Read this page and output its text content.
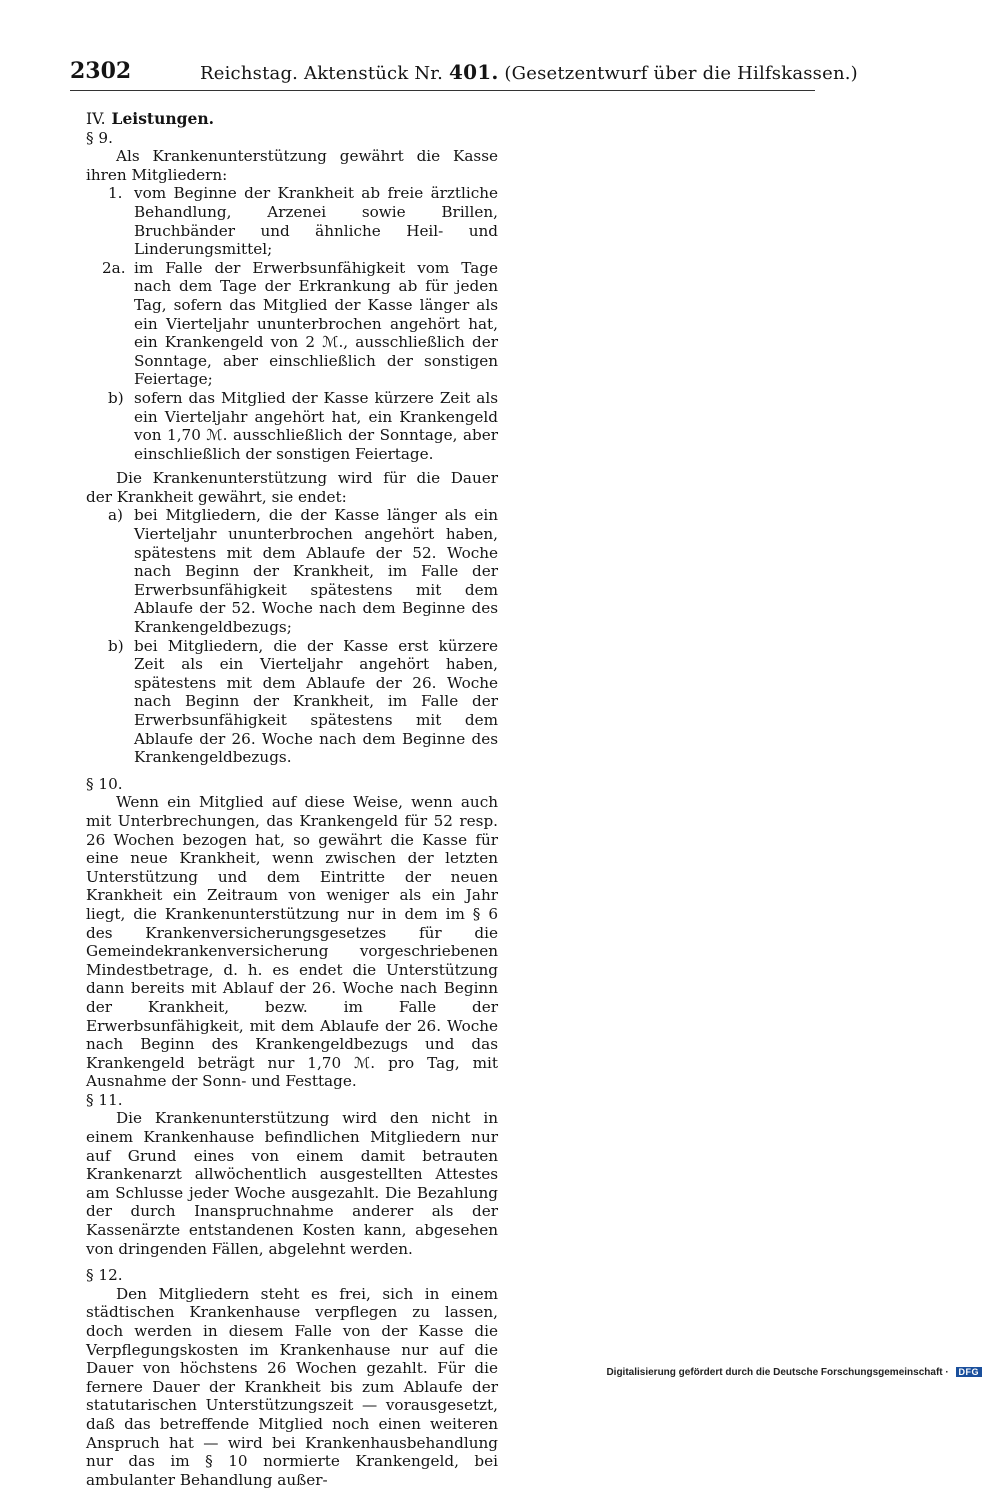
2302	Reichstag. Aktenstück Nr. 401. (Gesetzentwurf über die Hilfskassen.)

IV. Leistungen.

§ 9.

Als Krankenunterstützung gewährt die Kasse ihren Mitgliedern:

1. vom Beginne der Krankheit ab freie ärztliche Behandlung, Arzenei sowie Brillen, Bruchbänder und ähnliche Heil- und Linderungsmittel;
2a. im Falle der Erwerbsunfähigkeit vom Tage nach dem Tage der Erkrankung ab für jeden Tag, sofern das Mitglied der Kasse länger als ein Vierteljahr ununterbrochen angehört hat, ein Krankengeld von 2 ℳ., ausschließlich der Sonntage, aber einschließlich der sonstigen Feiertage;
b) sofern das Mitglied der Kasse kürzere Zeit als ein Vierteljahr angehört hat, ein Krankengeld von 1,70 ℳ. ausschließlich der Sonntage, aber einschließlich der sonstigen Feiertage.

Die Krankenunterstützung wird für die Dauer der Krankheit gewährt, sie endet:

a) bei Mitgliedern, die der Kasse länger als ein Vierteljahr ununterbrochen angehört haben, spätestens mit dem Ablaufe der 52. Woche nach Beginn der Krankheit, im Falle der Erwerbsunfähigkeit spätestens mit dem Ablaufe der 52. Woche nach dem Beginne des Krankengeldbezugs;
b) bei Mitgliedern, die der Kasse erst kürzere Zeit als ein Vierteljahr angehört haben, spätestens mit dem Ablaufe der 26. Woche nach Beginn der Krankheit, im Falle der Erwerbsunfähigkeit spätestens mit dem Ablaufe der 26. Woche nach dem Beginne des Krankengeldbezugs.

§ 10.

Wenn ein Mitglied auf diese Weise, wenn auch mit Unterbrechungen, das Krankengeld für 52 resp. 26 Wochen bezogen hat, so gewährt die Kasse für eine neue Krankheit, wenn zwischen der letzten Unterstützung und dem Eintritte der neuen Krankheit ein Zeitraum von weniger als ein Jahr liegt, die Krankenunterstützung nur in dem im § 6 des Krankenversicherungsgesetzes für die Gemeindekrankenversicherung vorgeschriebenen Mindestbetrage, d. h. es endet die Unterstützung dann bereits mit Ablauf der 26. Woche nach Beginn der Krankheit, bezw. im Falle der Erwerbsunfähigkeit, mit dem Ablaufe der 26. Woche nach Beginn des Krankengeldbezugs und das Krankengeld beträgt nur 1,70 ℳ. pro Tag, mit Ausnahme der Sonn- und Festtage.

§ 11.

Die Krankenunterstützung wird den nicht in einem Krankenhause befindlichen Mitgliedern nur auf Grund eines von einem damit betrauten Krankenarzt allwöchentlich ausgestellten Attestes am Schlusse jeder Woche ausgezahlt. Die Bezahlung der durch Inanspruchnahme anderer als der Kassenärzte entstandenen Kosten kann, abgesehen von dringenden Fällen, abgelehnt werden.

§ 12.

Den Mitgliedern steht es frei, sich in einem städtischen Krankenhause verpflegen zu lassen, doch werden in diesem Falle von der Kasse die Verpflegungskosten im Krankenhause nur auf die Dauer von höchstens 26 Wochen gezahlt. Für die fernere Dauer der Krankheit bis zum Ablaufe der statutarischen Unterstützungszeit — vorausgesetzt, daß das betreffende Mitglied noch einen weiteren Anspruch hat — wird bei Krankenhausbehandlung nur das im § 10 normierte Krankengeld, bei ambulanter Behandlung außer-

Digitalisierung gefördert durch die Deutsche Forschungsgemeinschaft · DFG
